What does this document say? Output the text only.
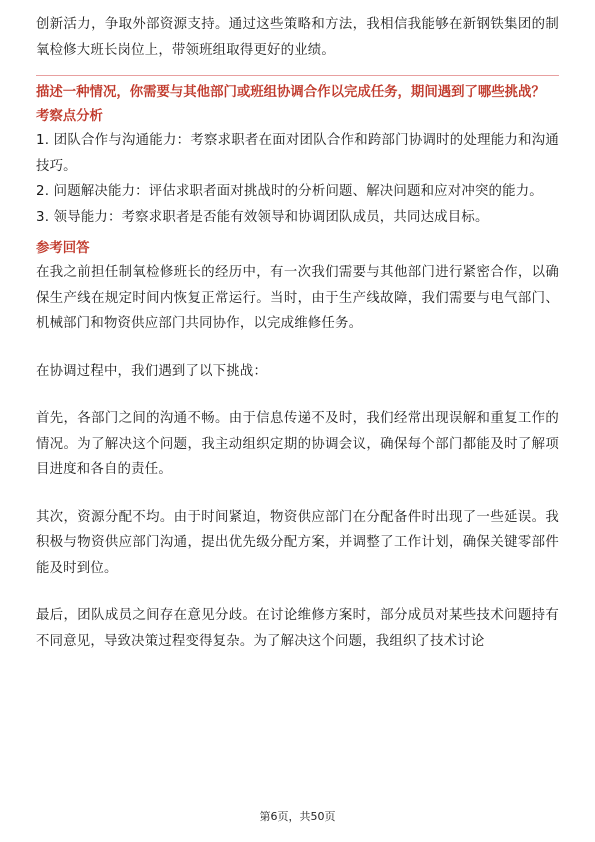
创新活力，争取外部资源支持。通过这些策略和方法，我相信我能够在新钢铁集团的制氧检修大班长岗位上，带领班组取得更好的业绩。

描述一种情况，你需要与其他部门或班组协调合作以完成任务，期间遇到了哪些挑战？

考察点分析

1. 团队合作与沟通能力：考察求职者在面对团队合作和跨部门协调时的处理能力和沟通技巧。

2. 问题解决能力：评估求职者面对挑战时的分析问题、解决问题和应对冲突的能力。

3. 领导能力：考察求职者是否能有效领导和协调团队成员，共同达成目标。

参考回答

在我之前担任制氧检修班长的经历中，有一次我们需要与其他部门进行紧密合作，以确保生产线在规定时间内恢复正常运行。当时，由于生产线故障，我们需要与电气部门、机械部门和物资供应部门共同协作，以完成维修任务。

在协调过程中，我们遇到了以下挑战：

首先，各部门之间的沟通不畅。由于信息传递不及时，我们经常出现误解和重复工作的情况。为了解决这个问题，我主动组织定期的协调会议，确保每个部门都能及时了解项目进度和各自的责任。

其次，资源分配不均。由于时间紧迫，物资供应部门在分配备件时出现了一些延误。我积极与物资供应部门沟通，提出优先级分配方案，并调整了工作计划，确保关键零部件能及时到位。

最后，团队成员之间存在意见分歧。在讨论维修方案时，部分成员对某些技术问题持有不同意见，导致决策过程变得复杂。为了解决这个问题，我组织了技术讨论

第6页，共50页
